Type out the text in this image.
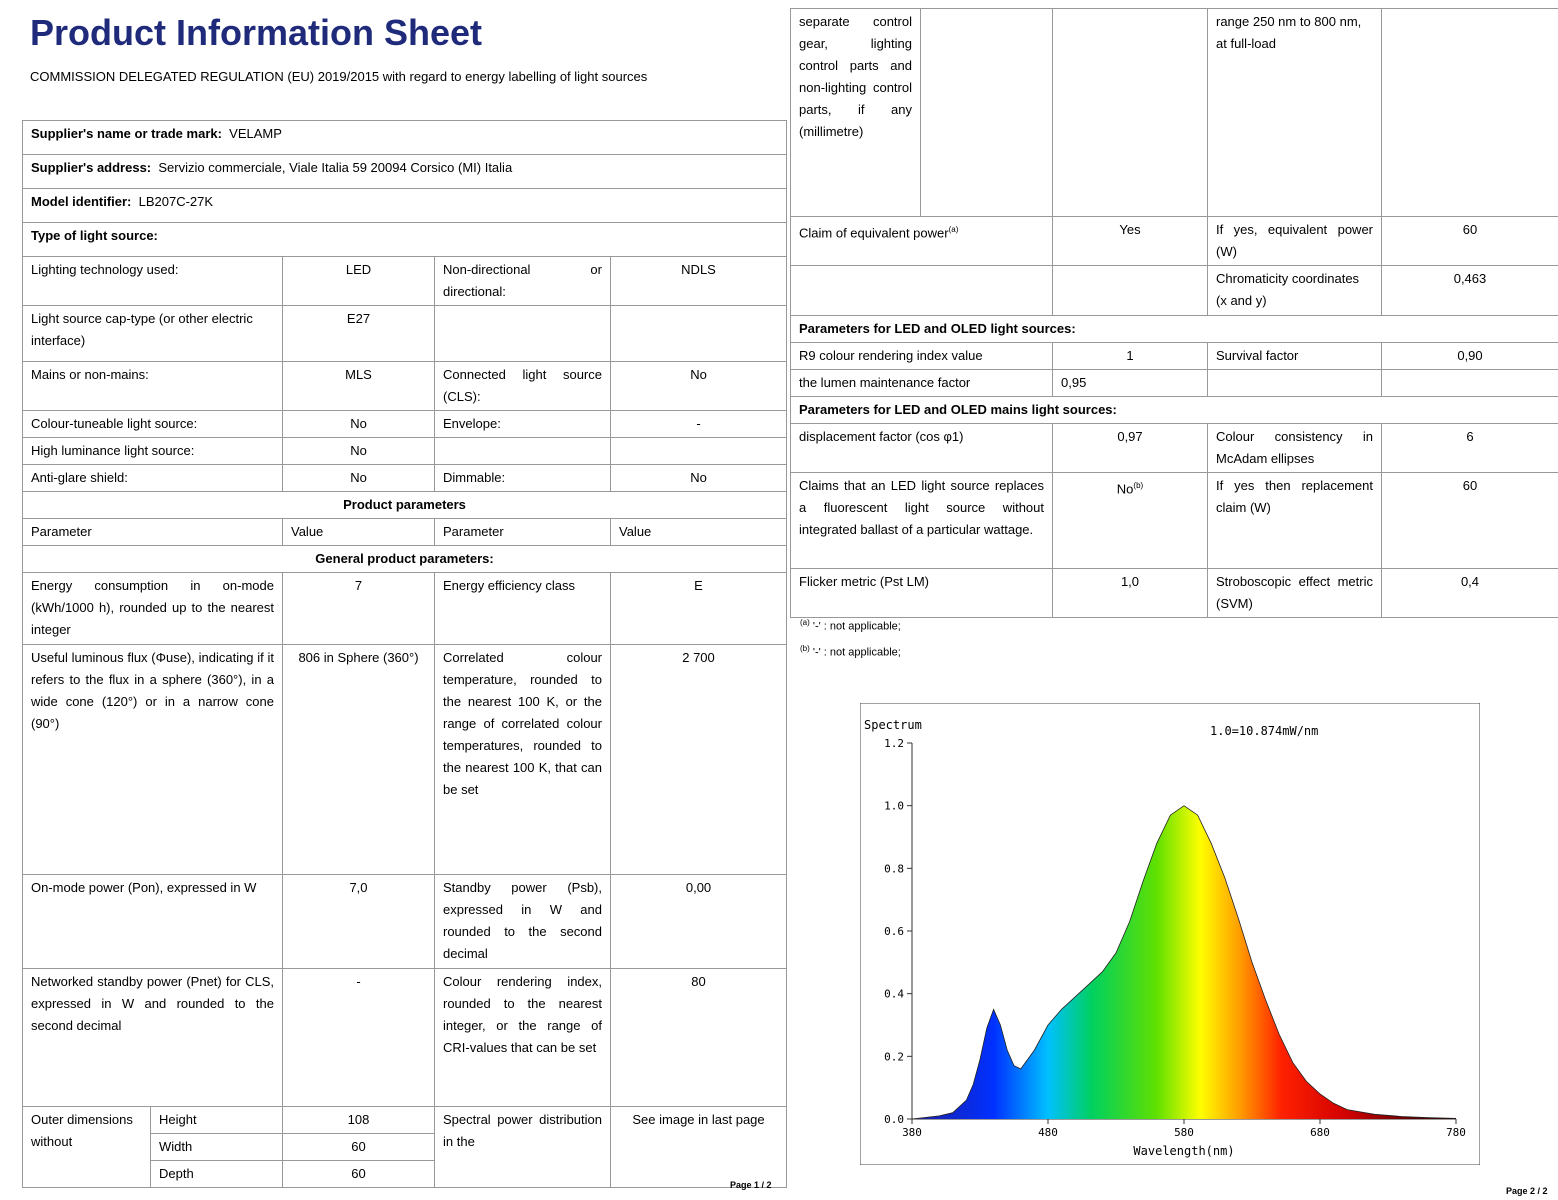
Product Information Sheet
COMMISSION DELEGATED REGULATION (EU) 2019/2015 with regard to energy labelling of light sources
Supplier's name or trade mark: VELAMP				
Supplier's address: Servizio commerciale, Viale Italia 59 20094 Corsico (MI) Italia				
Model identifier: LB207C-27K				
Type of light source:				
Lighting technology used:		LED	Non-directional or directional:	NDLS
Light source cap-type (or other electric interface)		E27		
Mains or non-mains:		MLS	Connected light source (CLS):	No
Colour-tuneable light source:		No	Envelope:	-
High luminance light source:		No		
Anti-glare shield:		No	Dimmable:	No
Product parameters				
Parameter		Value	Parameter	Value
General product parameters:				
Energy consumption in on-mode (kWh/1000 h), rounded up to the nearest integer		7	Energy efficiency class	E
Useful luminous flux (Φuse), indicating if it refers to the flux in a sphere (360°), in a wide cone (120°) or in a narrow cone (90°)		806 in Sphere (360°)	Correlated colour temperature, rounded to the nearest 100 K, or the range of correlated colour temperatures, rounded to the nearest 100 K, that can be set	2 700
On-mode power (Pon), expressed in W		7,0	Standby power (Psb), expressed in W and rounded to the second decimal	0,00
Networked standby power (Pnet) for CLS, expressed in W and rounded to the second decimal		-	Colour rendering index, rounded to the nearest integer, or the range of CRI-values that can be set	80
Outer dimensions without	Height	108	Spectral power distribution in the	See image in last page
	Width	60		
	Depth	60		
Page 1 / 2
separate control gear, lighting control parts and non-lighting control parts, if any (millimetre)			range 250 nm to 800 nm, at full-load	
Claim of equivalent power$^{(a)}$		Yes	If yes, equivalent power (W)	60
			Chromaticity coordinates (x and y)	0,463
Parameters for LED and OLED light sources:				
R9 colour rendering index value		1	Survival factor	0,90
the lumen maintenance factor		0,95		
Parameters for LED and OLED mains light sources:				
displacement factor (cos φ1)		0,97	Colour consistency in McAdam ellipses	6
Claims that an LED light source replaces a fluorescent light source without integrated ballast of a particular wattage.		No$^{(b)}$	If yes then replacement claim (W)	60
Flicker metric (Pst LM)		1,0	Stroboscopic effect metric (SVM)	0,4
$^{(a)}$ '-' : not applicable;
$^{(b)}$ '-' : not applicable;
0.0
0.2
0.4
0.6
0.8
1.0
1.2
380	480	580	680	780
Spectrum	1.0=10.874mW/nm
Wavelength(nm)
Page 2 / 2
